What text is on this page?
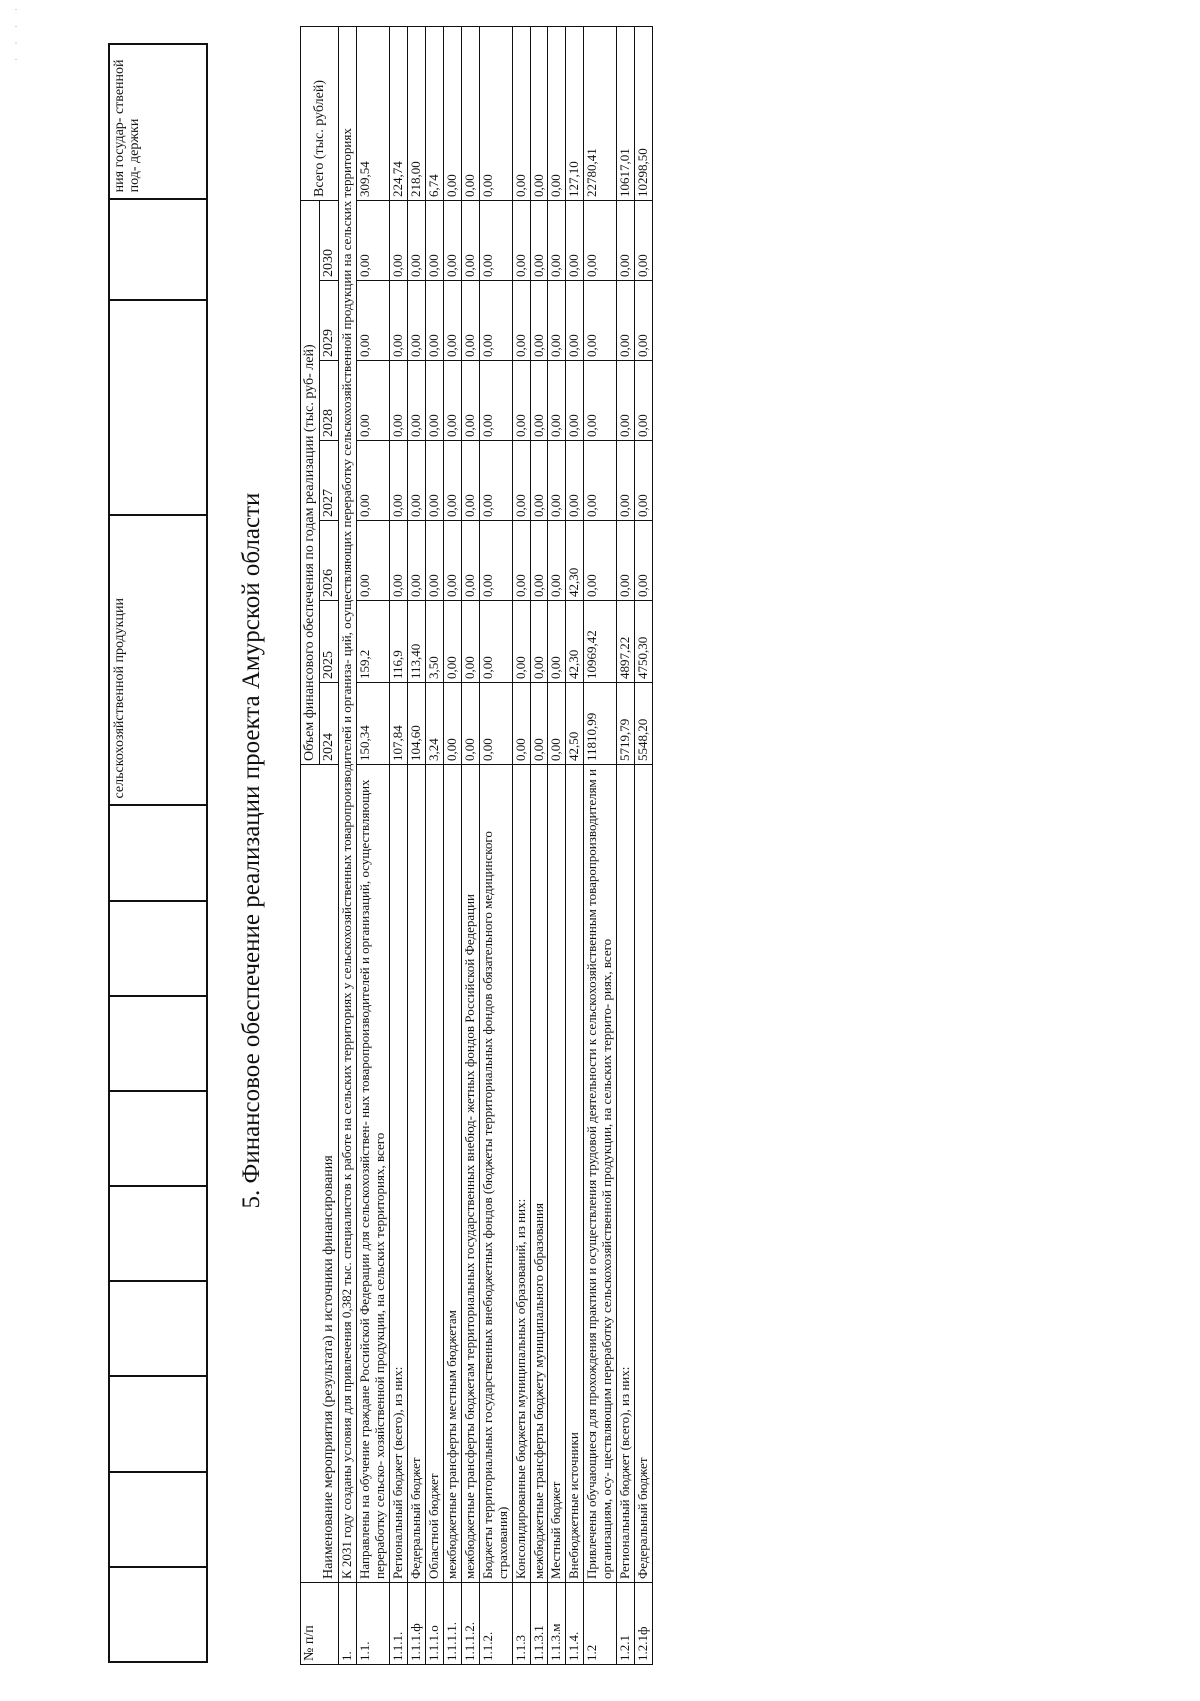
· · · ·
									сельскохозяйственной продукции			ния государ- ственной под- держки
5. Финансовое обеспечение реализации проекта Амурской области
№ п/п	Наименование мероприятия (результата) и источники финансирования	Объем финансового обеспечения по годам реализации (тыс. руб- лей)							Всего (тыс. рублей)
		2024	2025	2026	2027	2028	2029	2030	
1.	К 2031 году созданы условия для привлечения 0,382 тыс. специалистов к работе на сельских территориях у сельскохозяйственных товаропроизводителей и организа- ций, осуществляющих переработку сельскохозяйственной продукции на сельских территориях								
1.1.	Направлены на обучение граждане Российской Федерации для сельскохозяйствен- ных товаропроизводителей и организаций, осуществляющих переработку сельско- хозяйственной продукции, на сельских территориях, всего	150,34	159,2	0,00	0,00	0,00	0,00	0,00	309,54
1.1.1.	Региональный бюджет (всего), из них:	107,84	116,9	0,00	0,00	0,00	0,00	0,00	224,74
1.1.1.ф	Федеральный бюджет	104,60	113,40	0,00	0,00	0,00	0,00	0,00	218,00
1.1.1.о	Областной бюджет	3,24	3,50	0,00	0,00	0,00	0,00	0,00	6,74
1.1.1.1.	межбюджетные трансферты местным бюджетам	0,00	0,00	0,00	0,00	0,00	0,00	0,00	0,00
1.1.1.2.	межбюджетные трансферты бюджетам территориальных государственных внебюд- жетных фондов Российской Федерации	0,00	0,00	0,00	0,00	0,00	0,00	0,00	0,00
1.1.2.	Бюджеты территориальных государственных внебюджетных фондов (бюджеты территориальных фондов обязательного медицинского страхования)	0,00	0,00	0,00	0,00	0,00	0,00	0,00	0,00
1.1.3	Консолидированные бюджеты муниципальных образований, из них:	0,00	0,00	0,00	0,00	0,00	0,00	0,00	0,00
1.1.3.1	межбюджетные трансферты бюджету муниципального образования	0,00	0,00	0,00	0,00	0,00	0,00	0,00	0,00
1.1.3.м	Местный бюджет	0,00	0,00	0,00	0,00	0,00	0,00	0,00	0,00
1.1.4.	Внебюджетные источники	42,50	42,30	42,30	0,00	0,00	0,00	0,00	127,10
1.2	Привлечены обучающиеся для прохождения практики и осуществления трудовой деятельности к сельскохозяйственным товаропроизводителям и организациям, осу- ществляющим переработку сельскохозяйственной продукции, на сельских террито- риях, всего	11810,99	10969,42	0,00	0,00	0,00	0,00	0,00	22780,41
1.2.1	Региональный бюджет (всего), из них:	5719,79	4897,22	0,00	0,00	0,00	0,00	0,00	10617,01
1.2.1ф	Федеральный бюджет	5548,20	4750,30	0,00	0,00	0,00	0,00	0,00	10298,50
